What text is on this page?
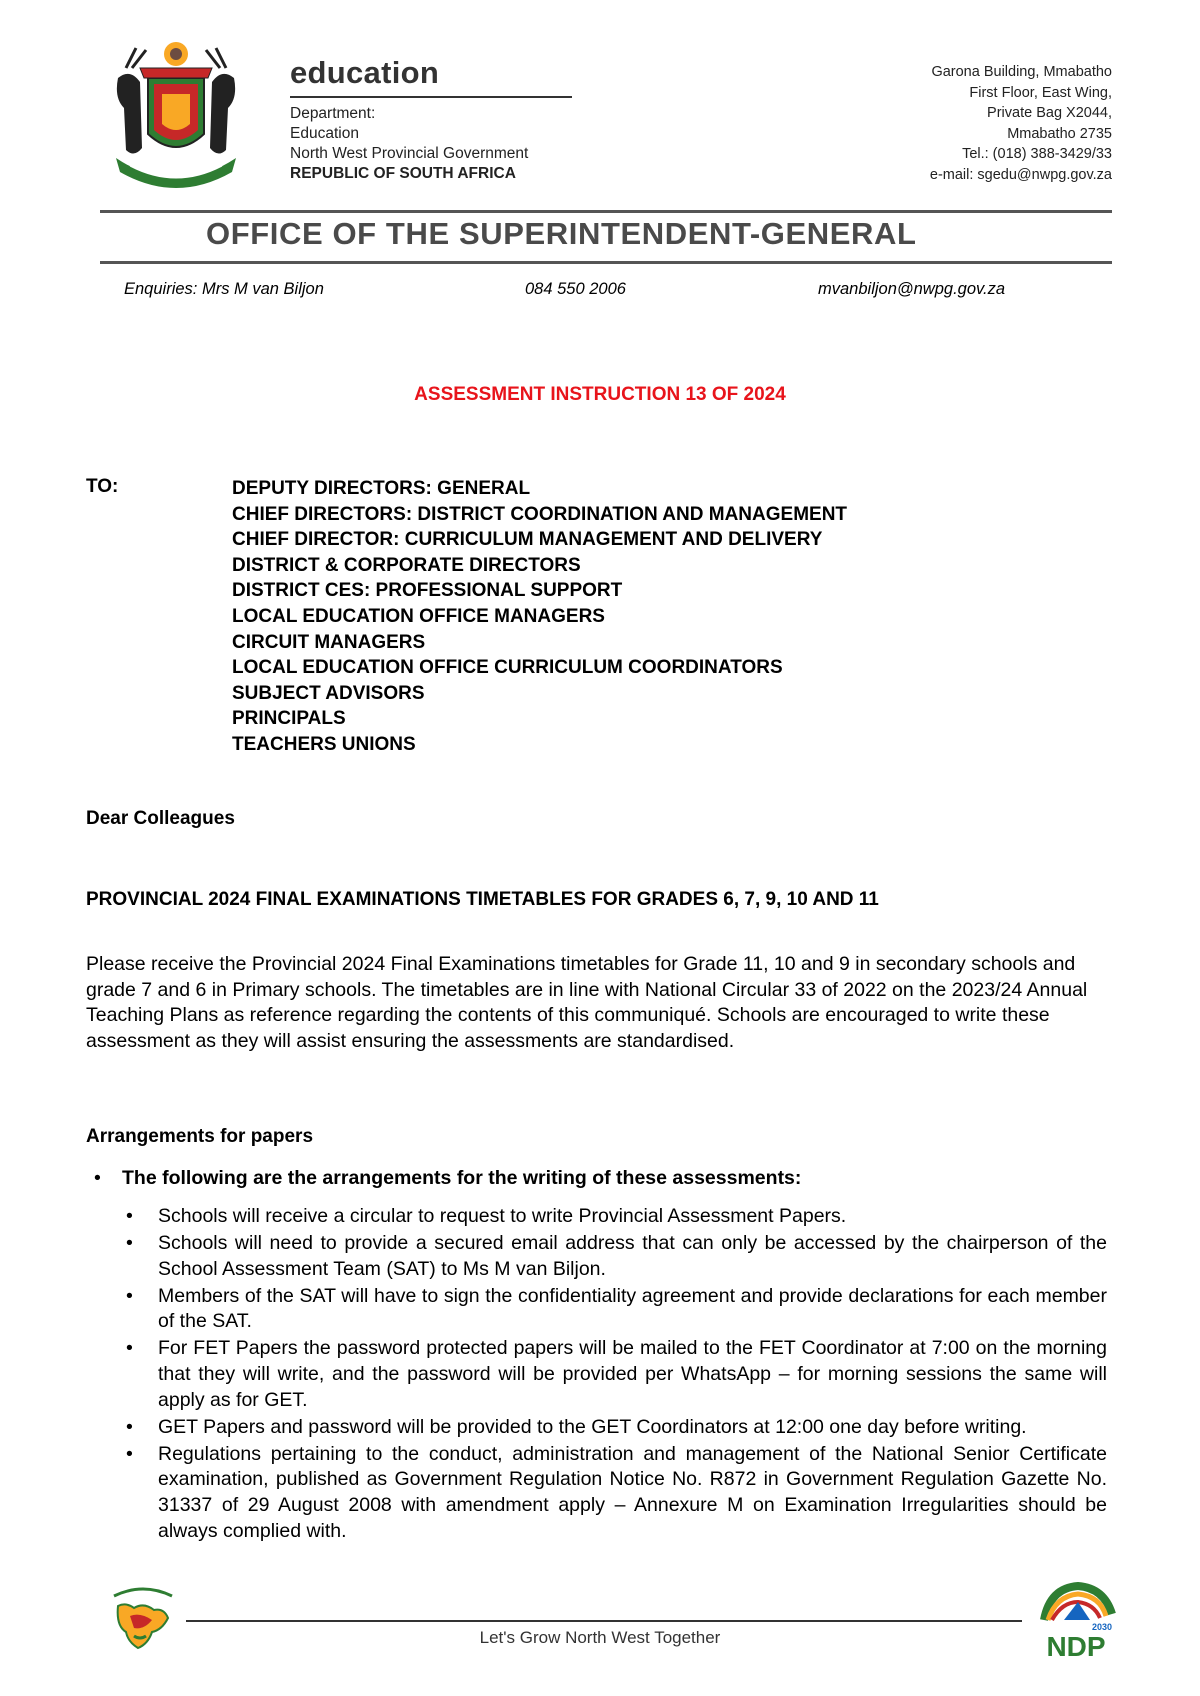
education
Department:
Education
North West Provincial Government
REPUBLIC OF SOUTH AFRICA
Garona Building, Mmabatho
First Floor, East Wing,
Private Bag X2044,
Mmabatho 2735
Tel.: (018) 388-3429/33
e-mail: sgedu@nwpg.gov.za
OFFICE OF THE SUPERINTENDENT-GENERAL
Enquiries: Mrs M van Biljon	084 550 2006	mvanbiljon@nwpg.gov.za
ASSESSMENT INSTRUCTION 13 OF 2024
TO:	DEPUTY DIRECTORS: GENERAL
CHIEF DIRECTORS: DISTRICT COORDINATION AND MANAGEMENT
CHIEF DIRECTOR: CURRICULUM MANAGEMENT AND DELIVERY
DISTRICT & CORPORATE DIRECTORS
DISTRICT CES: PROFESSIONAL SUPPORT
LOCAL EDUCATION OFFICE MANAGERS
CIRCUIT MANAGERS
LOCAL EDUCATION OFFICE CURRICULUM COORDINATORS
SUBJECT ADVISORS
PRINCIPALS
TEACHERS UNIONS

Dear Colleagues

PROVINCIAL 2024 FINAL EXAMINATIONS TIMETABLES FOR GRADES 6, 7, 9, 10 AND 11

Please receive the Provincial 2024 Final Examinations timetables for Grade 11, 10 and 9 in secondary schools and grade 7 and 6 in Primary schools. The timetables are in line with National Circular 33 of 2022 on the 2023/24 Annual Teaching Plans as reference regarding the contents of this communiqué. Schools are encouraged to write these assessment as they will assist ensuring the assessments are standardised.

Arrangements for papers

• The following are the arrangements for the writing of these assessments:
• Schools will receive a circular to request to write Provincial Assessment Papers.
• Schools will need to provide a secured email address that can only be accessed by the chairperson of the School Assessment Team (SAT) to Ms M van Biljon.
• Members of the SAT will have to sign the confidentiality agreement and provide declarations for each member of the SAT.
• For FET Papers the password protected papers will be mailed to the FET Coordinator at 7:00 on the morning that they will write, and the password will be provided per WhatsApp – for morning sessions the same will apply as for GET.
• GET Papers and password will be provided to the GET Coordinators at 12:00 one day before writing.
• Regulations pertaining to the conduct, administration and management of the National Senior Certificate examination, published as Government Regulation Notice No. R872 in Government Regulation Gazette No. 31337 of 29 August 2008 with amendment apply – Annexure M on Examination Irregularities should be always complied with.
Let's Grow North West Together	NDP
2030
